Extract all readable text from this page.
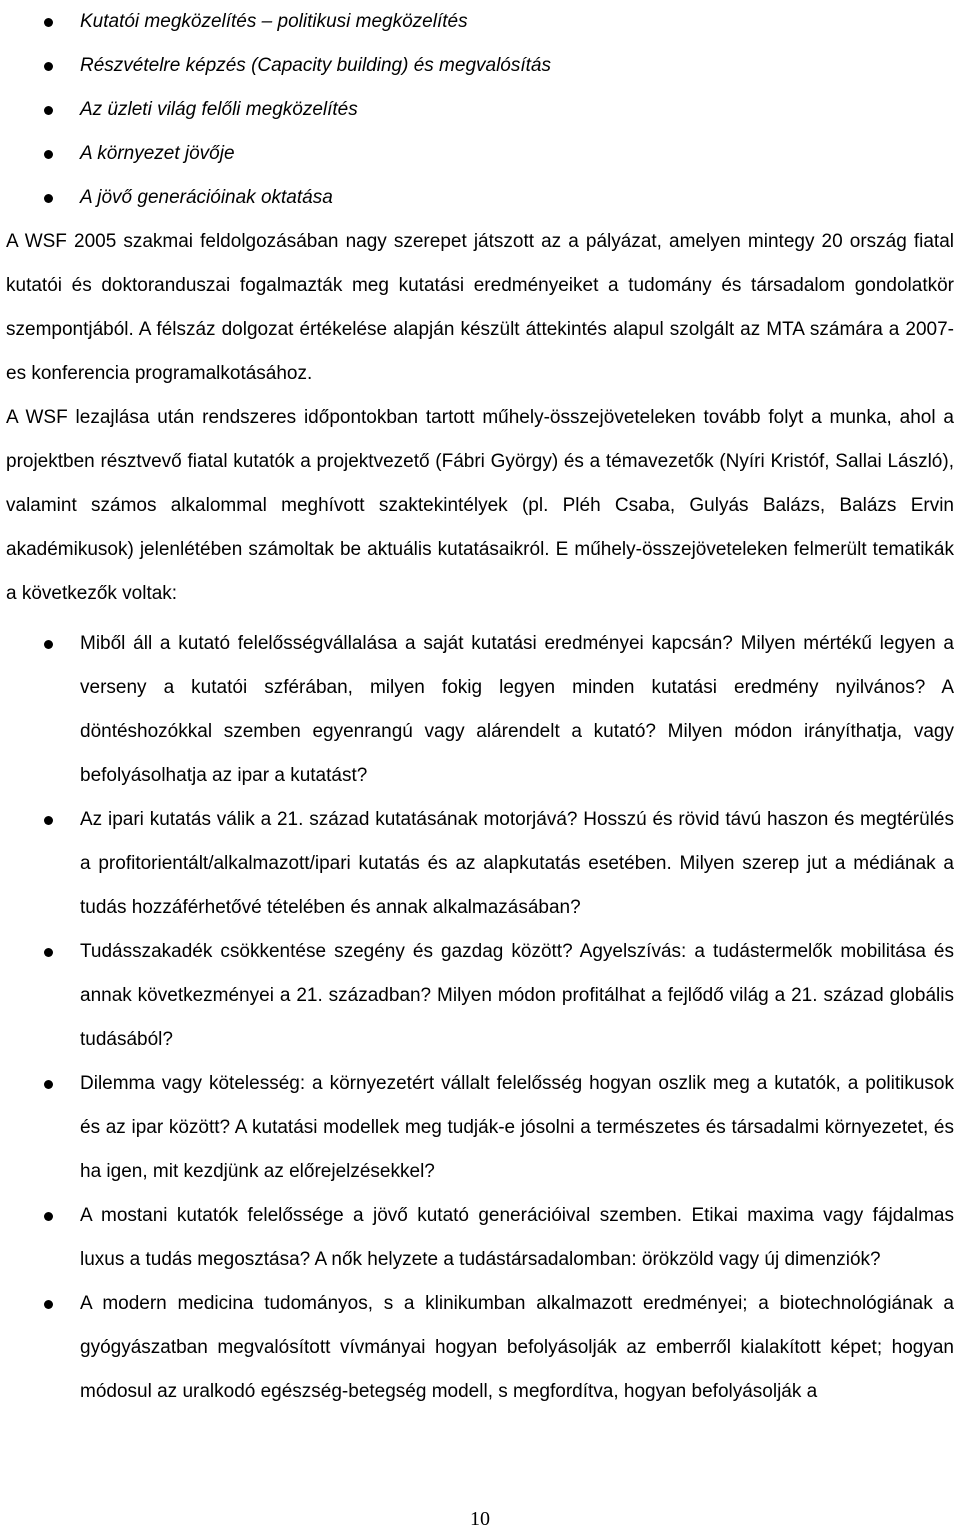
Kutatói megközelítés – politikusi megközelítés
Részvételre képzés (Capacity building) és megvalósítás
Az üzleti világ felőli megközelítés
A környezet jövője
A jövő generációinak oktatása

A WSF 2005 szakmai feldolgozásában nagy szerepet játszott az a pályázat, amelyen mintegy 20 ország fiatal kutatói és doktoranduszai fogalmazták meg kutatási eredményeiket a tudomány és társadalom gondolatkör szempontjából. A félszáz dolgozat értékelése alapján készült áttekintés alapul szolgált az MTA számára a 2007-es konferencia programalkotásához.

A WSF lezajlása után rendszeres időpontokban tartott műhely-összejöveteleken tovább folyt a munka, ahol a projektben résztvevő fiatal kutatók a projektvezető (Fábri György) és a témavezetők (Nyíri Kristóf, Sallai László), valamint számos alkalommal meghívott szaktekintélyek (pl. Pléh Csaba, Gulyás Balázs, Balázs Ervin akadémikusok) jelenlétében számoltak be aktuális kutatásaikról. E műhely-összejöveteleken felmerült tematikák a következők voltak:

Miből áll a kutató felelősségvállalása a saját kutatási eredményei kapcsán? Milyen mértékű legyen a verseny a kutatói szférában, milyen fokig legyen minden kutatási eredmény nyilvános? A döntéshozókkal szemben egyenrangú vagy alárendelt a kutató? Milyen módon irányíthatja, vagy befolyásolhatja az ipar a kutatást?
Az ipari kutatás válik a 21. század kutatásának motorjává? Hosszú és rövid távú haszon és megtérülés a profitorientált/alkalmazott/ipari kutatás és az alapkutatás esetében. Milyen szerep jut a médiának a tudás hozzáférhetővé tételében és annak alkalmazásában?
Tudásszakadék csökkentése szegény és gazdag között? Agyelszívás: a tudástermelők mobilitása és annak következményei a 21. században? Milyen módon profitálhat a fejlődő világ a 21. század globális tudásából?
Dilemma vagy kötelesség: a környezetért vállalt felelősség hogyan oszlik meg a kutatók, a politikusok és az ipar között? A kutatási modellek meg tudják-e jósolni a természetes és társadalmi környezetet, és ha igen, mit kezdjünk az előrejelzésekkel?
A mostani kutatók felelőssége a jövő kutató generációival szemben. Etikai maxima vagy fájdalmas luxus a tudás megosztása? A nők helyzete a tudástársadalomban: örökzöld vagy új dimenziók?
A modern medicina tudományos, s a klinikumban alkalmazott eredményei; a biotechnológiának a gyógyászatban megvalósított vívmányai hogyan befolyásolják az emberről kialakított képet; hogyan módosul az uralkodó egészség-betegség modell, s megfordítva, hogyan befolyásolják a
10
